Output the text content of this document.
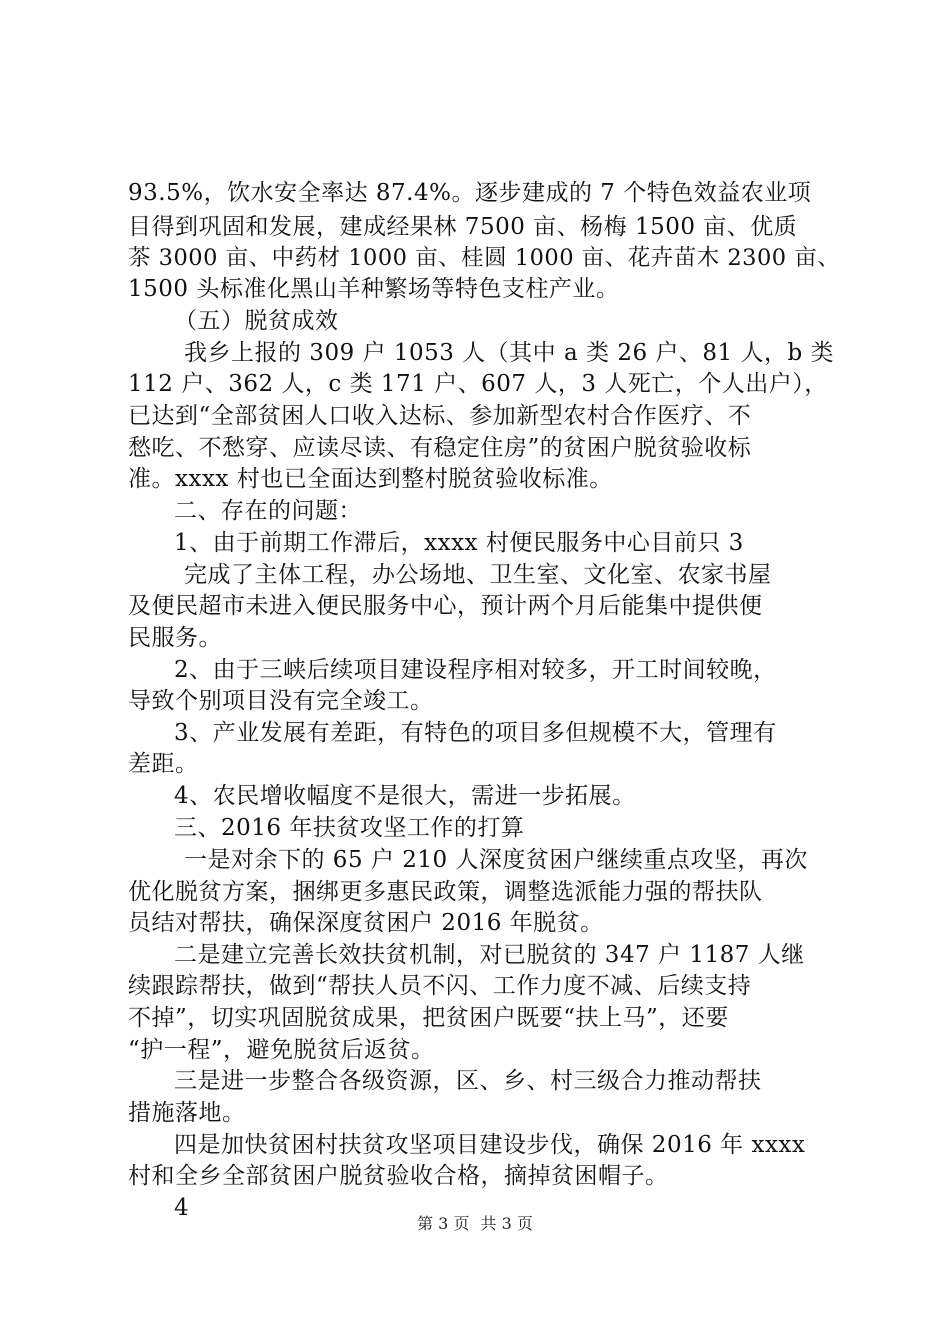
93.5%，饮水安全率达 87.4%。逐步建成的 7 个特色效益农业项
目得到巩固和发展，建成经果林 7500 亩、杨梅 1500 亩、优质
茶 3000 亩、中药材 1000 亩、桂圆 1000 亩、花卉苗木 2300 亩、
1500 头标准化黑山羊种繁场等特色支柱产业。
（五）脱贫成效
我乡上报的 309 户 1053 人（其中 a 类 26 户、81 人，b 类
112 户、362 人，c 类 171 户、607 人，3 人死亡，个人出户），
已达到“全部贫困人口收入达标、参加新型农村合作医疗、不
愁吃、不愁穿、应读尽读、有稳定住房”的贫困户脱贫验收标
准。xxxx 村也已全面达到整村脱贫验收标准。
二、存在的问题：
1、由于前期工作滞后，xxxx 村便民服务中心目前只 3
完成了主体工程，办公场地、卫生室、文化室、农家书屋
及便民超市未进入便民服务中心，预计两个月后能集中提供便
民服务。
2、由于三峡后续项目建设程序相对较多，开工时间较晚，
导致个别项目没有完全竣工。
3、产业发展有差距，有特色的项目多但规模不大，管理有
差距。
4、农民增收幅度不是很大，需进一步拓展。
三、2016 年扶贫攻坚工作的打算
一是对余下的 65 户 210 人深度贫困户继续重点攻坚，再次
优化脱贫方案，捆绑更多惠民政策，调整选派能力强的帮扶队
员结对帮扶，确保深度贫困户 2016 年脱贫。
二是建立完善长效扶贫机制，对已脱贫的 347 户 1187 人继
续跟踪帮扶，做到“帮扶人员不闪、工作力度不减、后续支持
不掉”，切实巩固脱贫成果，把贫困户既要“扶上马”，还要
“护一程”，避免脱贫后返贫。
三是进一步整合各级资源，区、乡、村三级合力推动帮扶
措施落地。
四是加快贫困村扶贫攻坚项目建设步伐，确保 2016 年 xxxx
村和全乡全部贫困户脱贫验收合格，摘掉贫困帽子。
4
第 3 页 共 3 页
